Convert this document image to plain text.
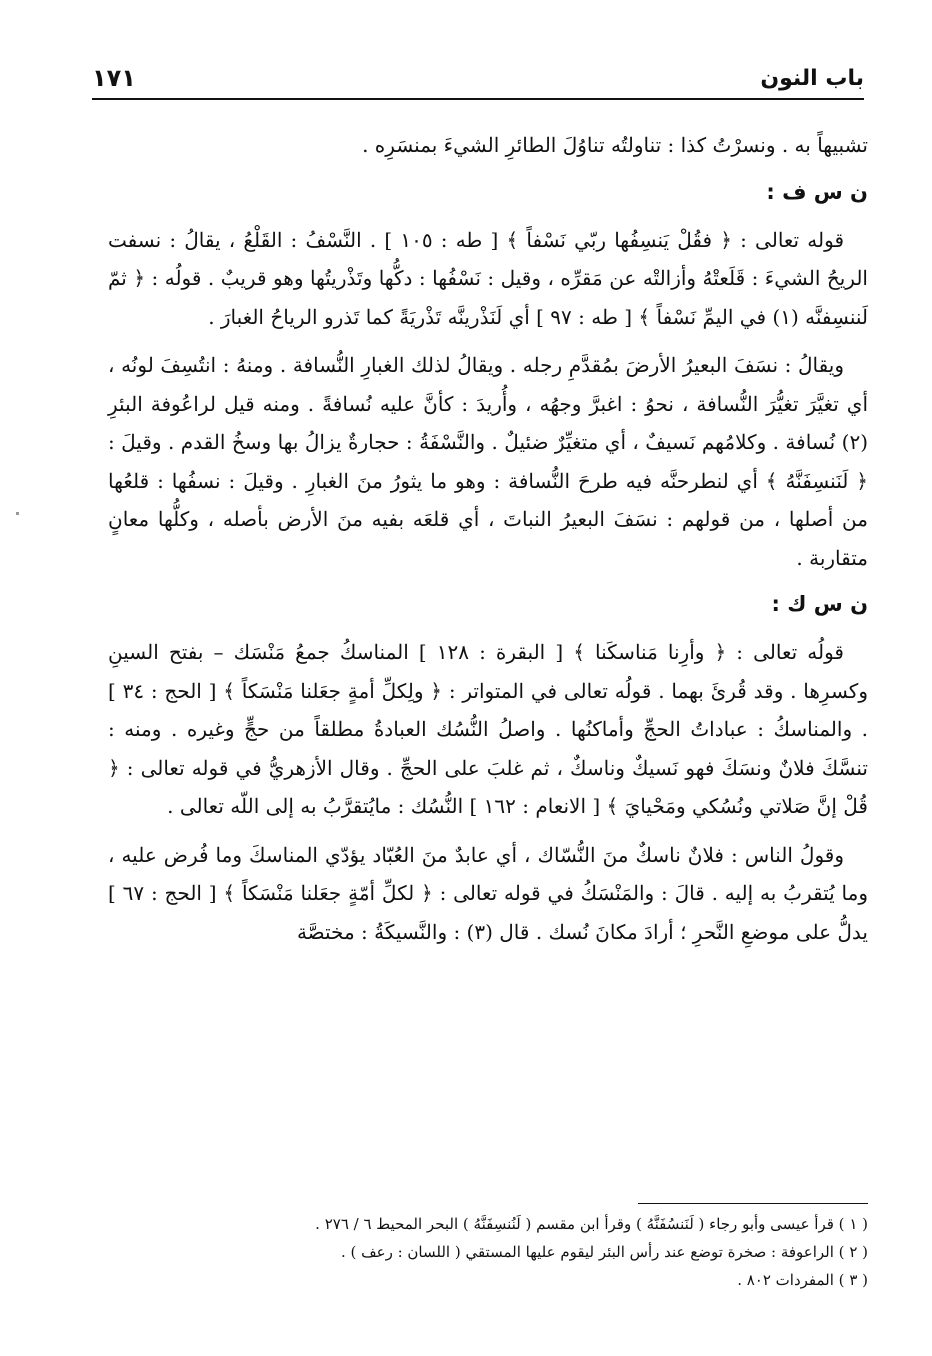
باب النون
١٧١

تشبيهاً به . ونسرْتُ كذا : تناولتُه تناوُلَ الطائرِ الشيءَ بمنسَرِه .

ن س ف :

قوله تعالى : ﴿ فقُلْ يَنسِفُها ربّي نَسْفاً ﴾ [ طه : ١٠٥ ] . النَّسْفُ : القَلْعُ ، يقالُ : نسفت الريحُ الشيءَ : قَلَعتْهُ وأزالتْه عن مَقرِّه ، وقيل : نَسْفُها : دكُّها وتَذْريتُها وهو قريبٌ . قولُه : ﴿ ثمّ لَننسِفنَّه (١) في اليمِّ نَسْفاً ﴾ [ طه : ٩٧ ] أي لَنَذْرينَّه تَذْريَةً كما تَذرو الرياحُ الغبارَ .

ويقالُ : نسَفَ البعيرُ الأرضَ بمُقدَّمِ رجله . ويقالُ لذلك الغبارِ النُّسافة . ومنهُ : انتُسِفَ لونُه ، أي تغيَّرَ تغيُّرَ النُّسافة ، نحوُ : اغبرَّ وجهُه ، وأُريدَ : كأنَّ عليه نُسافةً . ومنه قيل لراعُوفة البئرِ (٢) نُسافة . وكلامُهم نَسيفٌ ، أي متغيِّرٌ ضئيلٌ . والنَّسْفَةُ : حجارةٌ يزالُ بها وسخُ القدم . وقيلَ : ﴿ لَنَنسِفَنَّهُ ﴾ أي لنطرحنَّه فيه طرحَ النُّسافة : وهو ما يثورُ منَ الغبارِ . وقيلَ : نسفُها : قلعُها من أصلها ، من قولهم : نسَفَ البعيرُ النباتَ ، أي قلعَه بفيه منَ الأرض بأصله ، وكلُّها معانٍ متقاربة .

ن س ك :

قولُه تعالى : ﴿ وأرِنا مَناسكَنا ﴾ [ البقرة : ١٢٨ ] المناسكُ جمعُ مَنْسَك – بفتح السينِ وكسرِها . وقد قُرئَ بهما . قولُه تعالى في المتواتر : ﴿ ولِكلِّ أمةٍ جعَلنا مَنْسَكاً ﴾ [ الحج : ٣٤ ] . والمناسكُ : عباداتُ الحجِّ وأماكنُها . واصلُ النُّسُك العبادةُ مطلقاً من حجٍّ وغيره . ومنه : تنسَّكَ فلانٌ ونسَكَ فهو نَسيكٌ وناسكٌ ، ثم غلبَ على الحجِّ . وقال الأزهريُّ في قوله تعالى : ﴿ قُلْ إنَّ صَلاتي ونُسُكي ومَحْيايَ ﴾ [ الانعام : ١٦٢ ] النُّسُك : مايُتقرَّبُ به إلى اللّه تعالى .

وقولُ الناس : فلانٌ ناسكٌ منَ النُّسّاك ، أي عابدٌ منَ العُبّاد يؤدّي المناسكَ وما فُرض عليه ، وما يُتقربُ به إليه . قالَ : والمَنْسَكُ في قوله تعالى : ﴿ لكلِّ أمّةٍ جعَلنا مَنْسَكاً ﴾ [ الحج : ٦٧ ] يدلُّ على موضعِ النَّحرِ ؛ أرادَ مكانَ نُسك . قال (٣) : والنَّسيكَةُ : مختصَّة

( ١ ) قرأ عيسى وأبو رجاء ( لَنَنسُفَنَّهُ ) وقرأ ابن مقسم ( لَنُنسِفَنَّهُ ) البحر المحيط ٦ / ٢٧٦ .
( ٢ ) الراعوفة : صخرة توضع عند رأس البئر ليقوم عليها المستقي ( اللسان : رعف ) .
( ٣ ) المفردات ٨٠٢ .
